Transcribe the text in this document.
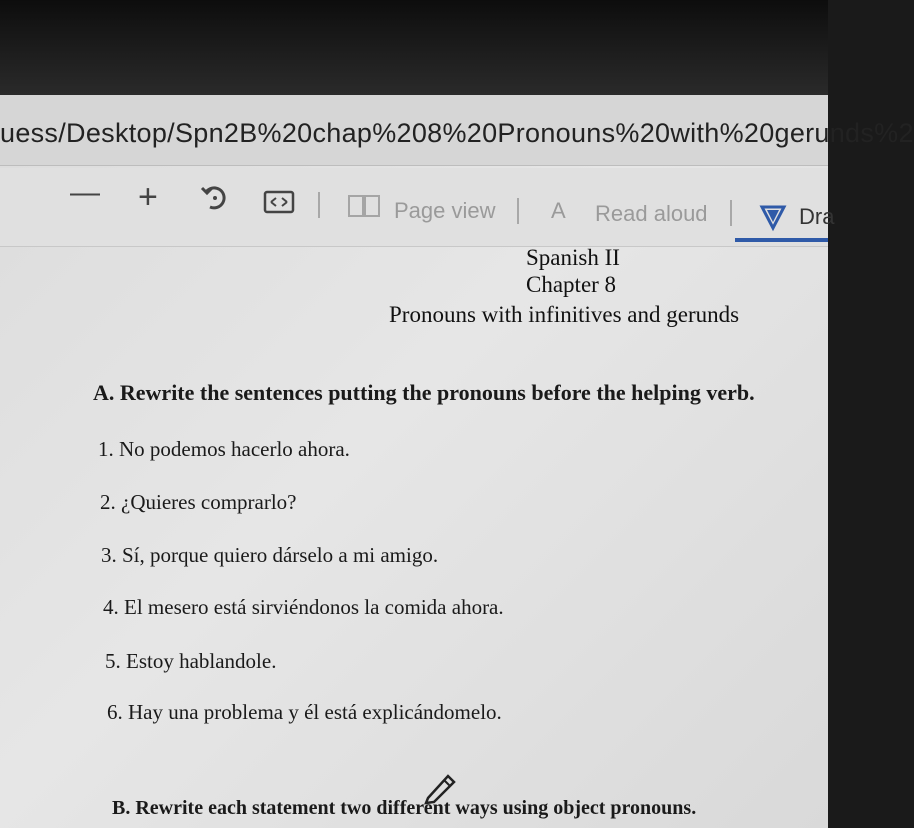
uess/Desktop/Spn2B%20chap%208%20Pronouns%20with%20gerunds%2
— +	Page view	A Read aloud	Dra
Spanish II
Chapter 8
Pronouns with infinitives and gerunds
A. Rewrite the sentences putting the pronouns before the helping verb.
1. No podemos hacerlo ahora.
2. ¿Quieres comprarlo?
3. Sí, porque quiero dárselo a mi amigo.
4. El mesero está sirviéndonos la comida ahora.
5. Estoy hablandole.
6. Hay una problema y él está explicándomelo.
B. Rewrite each statement two different ways using object pronouns.
